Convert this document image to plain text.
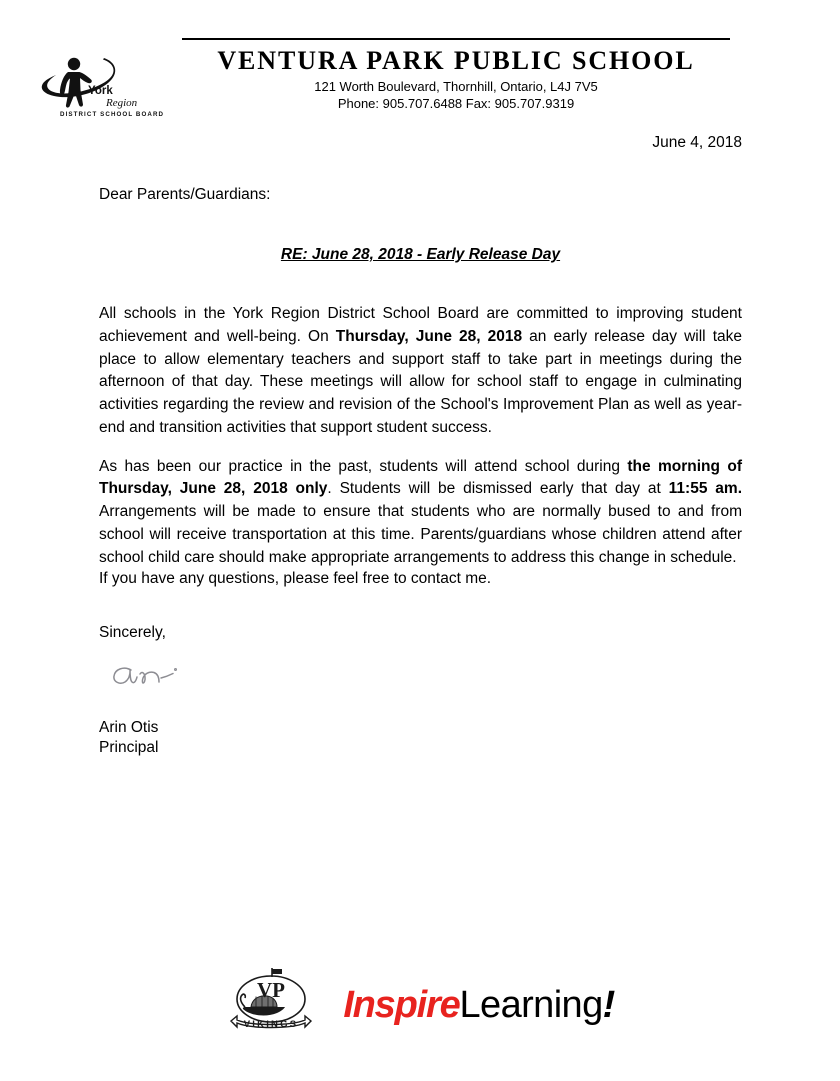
York
Region
DISTRICT SCHOOL BOARD
VENTURA PARK PUBLIC SCHOOL
121 Worth Boulevard, Thornhill, Ontario, L4J 7V5
Phone: 905.707.6488 Fax: 905.707.9319
June 4, 2018
Dear Parents/Guardians:
RE: June 28, 2018 - Early Release Day

All schools in the York Region District School Board are committed to improving student achievement and well-being. On Thursday, June 28, 2018 an early release day will take place to allow elementary teachers and support staff to take part in meetings during the afternoon of that day. These meetings will allow for school staff to engage in culminating activities regarding the review and revision of the School's Improvement Plan as well as year-end and transition activities that support student success.

As has been our practice in the past, students will attend school during the morning of Thursday, June 28, 2018 only. Students will be dismissed early that day at 11:55 am. Arrangements will be made to ensure that students who are normally bused to and from school will receive transportation at this time. Parents/guardians whose children attend after school child care should make appropriate arrangements to address this change in schedule.

If you have any questions, please feel free to contact me.

Sincerely,

Arin Otis
Principal
VP
VIKINGS InspireLearning!
